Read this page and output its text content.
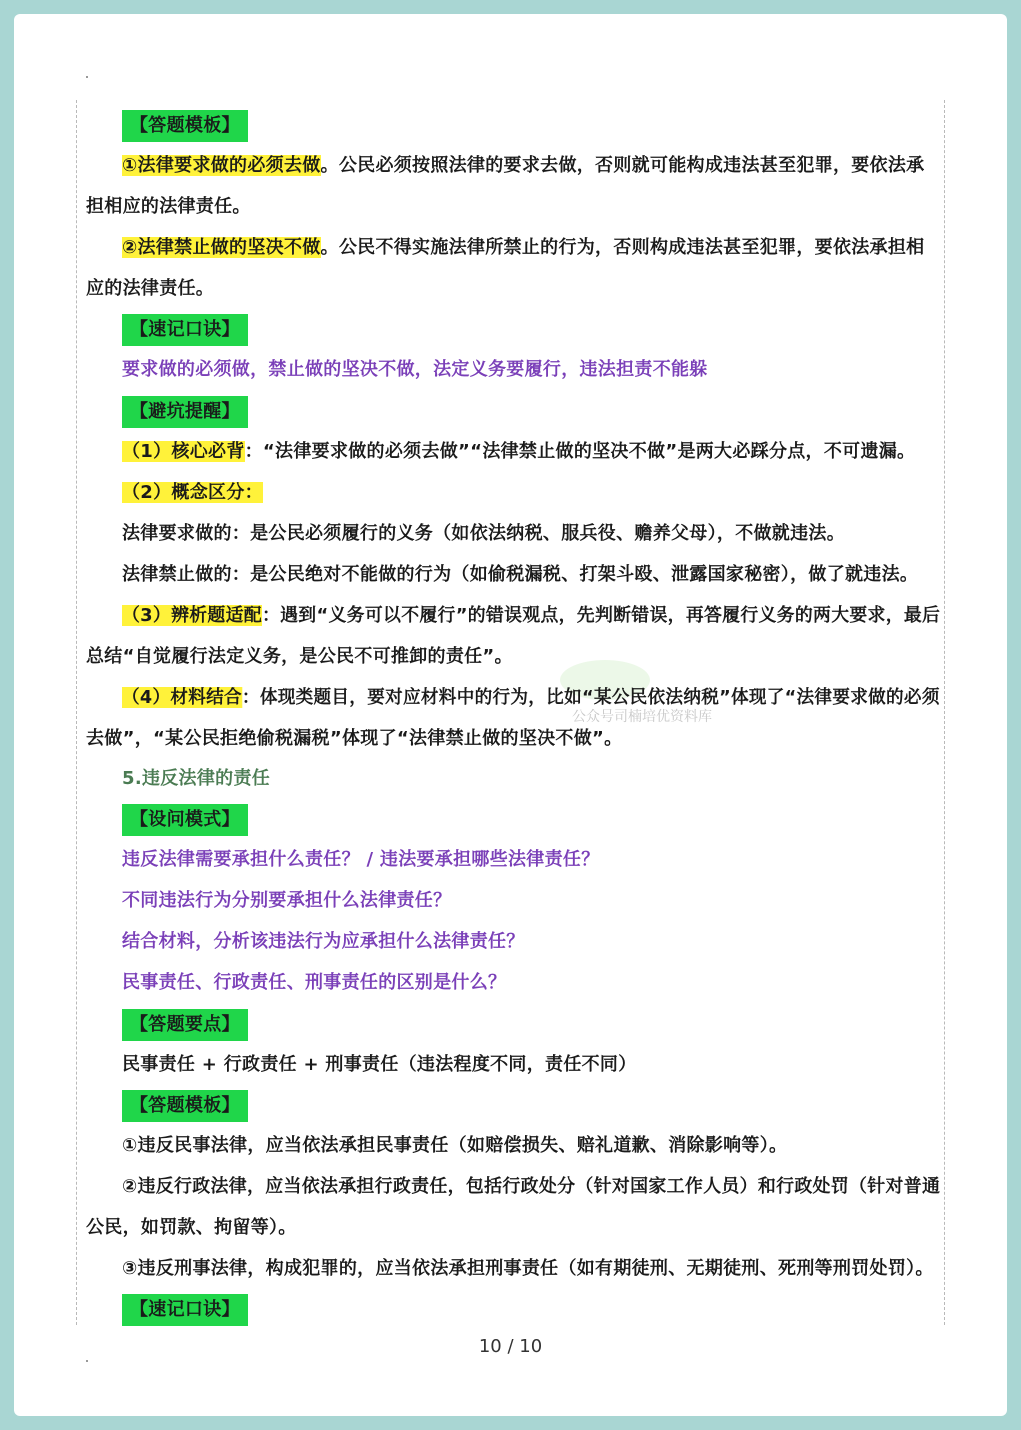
【答题模板】
①法律要求做的必须去做。公民必须按照法律的要求去做，否则就可能构成违法甚至犯罪，要依法承
担相应的法律责任。
②法律禁止做的坚决不做。公民不得实施法律所禁止的行为，否则构成违法甚至犯罪，要依法承担相
应的法律责任。
【速记口诀】
要求做的必须做，禁止做的坚决不做，法定义务要履行，违法担责不能躲
【避坑提醒】
（1）核心必背：“法律要求做的必须去做”“法律禁止做的坚决不做”是两大必踩分点，不可遗漏。
（2）概念区分：
法律要求做的：是公民必须履行的义务（如依法纳税、服兵役、赡养父母），不做就违法。
法律禁止做的：是公民绝对不能做的行为（如偷税漏税、打架斗殴、泄露国家秘密），做了就违法。
（3）辨析题适配：遇到“义务可以不履行”的错误观点，先判断错误，再答履行义务的两大要求，最后
总结“自觉履行法定义务，是公民不可推卸的责任”。
（4）材料结合：体现类题目，要对应材料中的行为，比如“某公民依法纳税”体现了“法律要求做的必须
公众号司楠培优资料库
去做”，“某公民拒绝偷税漏税”体现了“法律禁止做的坚决不做”。
5.违反法律的责任
【设问模式】
违反法律需要承担什么责任？ / 违法要承担哪些法律责任？
不同违法行为分别要承担什么法律责任？
结合材料，分析该违法行为应承担什么法律责任？
民事责任、行政责任、刑事责任的区别是什么？
【答题要点】
民事责任 + 行政责任 + 刑事责任（违法程度不同，责任不同）
【答题模板】
①违反民事法律，应当依法承担民事责任（如赔偿损失、赔礼道歉、消除影响等）。
②违反行政法律，应当依法承担行政责任，包括行政处分（针对国家工作人员）和行政处罚（针对普通
公民，如罚款、拘留等）。
③违反刑事法律，构成犯罪的，应当依法承担刑事责任（如有期徒刑、无期徒刑、死刑等刑罚处罚）。
【速记口诀】
10 / 10
